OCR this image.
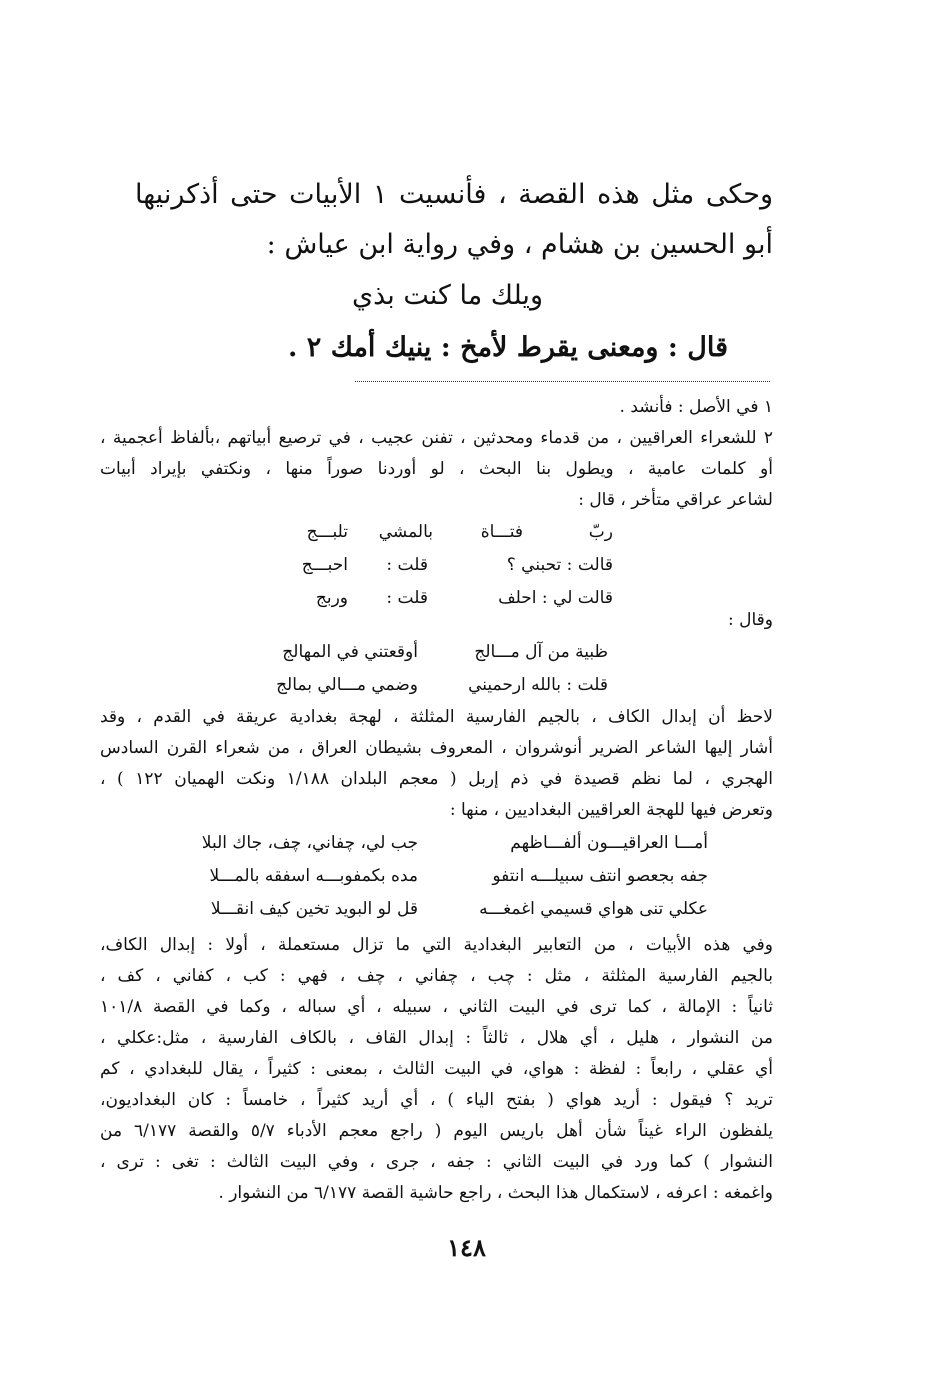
وحكى مثل هذه القصة ، فأنسيت ١ الأبيات حتى أذكرنيها أبو الحسين بن هشام ، وفي رواية ابن عياش :

ويلك ما كنت بذي

قال : ومعنى يقرط لأمخ : ينيك أمك ٢ .

١ في الأصل : فأنشد .

٢ للشعراء العراقيين ، من قدماء ومحدثين ، تفنن عجيب ، في ترصيع أبياتهم ،بألفاظ أعجمية ،

أو كلمات عامية ، ويطول بنا البحث ، لو أوردنا صوراً منها ، ونكتفي بإيراد أبيات

لشاعر عراقي متأخر ، قال :

ربّ
فتـــاة
بالمشي
تلبـــج
قالت : تحبني ؟
قلت :
احبـــج
قالت لي : احلف
قلت :
وربج

وقال :

ظبية من آل مـــالج
أوقعتني في المهالج
قلت : بالله ارحميني
وضمي مـــالي بمالج

لاحظ أن إبدال الكاف ، بالجيم الفارسية المثلثة ، لهجة بغدادية عريقة في القدم ، وقد

أشار إليها الشاعر الضرير أنوشروان ، المعروف بشيطان العراق ، من شعراء القرن السادس

الهجري ، لما نظم قصيدة في ذم إربل ( معجم البلدان ١/١٨٨ ونكت الهميان ١٢٢ ) ،

وتعرض فيها للهجة العراقيين البغداديين ، منها :

أمـــا العراقيـــون ألفـــاظهم
جب لي، چفاني، چف، جاك البلا
جفه بجعصو انتف سبيلـــه انتفو
مده بكمفوبـــه اسفقه بالمـــلا
عكلي تنى هواي قسيمي اغمغـــه
قل لو البويد تخين كيف انقـــلا

وفي هذه الأبيات ، من التعابير البغدادية التي ما تزال مستعملة ، أولا : إبدال الكاف،

بالجيم الفارسية المثلثة ، مثل : چب ، چفاني ، چف ، فهي : كب ، كفاني ، كف ،

ثانياً : الإمالة ، كما ترى في البيت الثاني ، سبيله ، أي سباله ، وكما في القصة ١٠١/٨

من النشوار ، هليل ، أي هلال ، ثالثاً : إبدال القاف ، بالكاف الفارسية ، مثل:عكلي ،

أي عقلي ، رابعاً : لفظة : هواي، في البيت الثالث ، بمعنى : كثيراً ، يقال للبغدادي ، كم

تريد ؟ فيقول : أريد هواي ( بفتح الياء ) ، أي أريد كثيراً ، خامساً : كان البغداديون،

يلفظون الراء غيناً شأن أهل باريس اليوم ( راجع معجم الأدباء ٥/٧ والقصة ٦/١٧٧ من

النشوار ) كما ورد في البيت الثاني : جفه ، جرى ، وفي البيت الثالث : تغى : ترى ،

واغمغه : اعرفه ، لاستكمال هذا البحث ، راجع حاشية القصة ٦/١٧٧ من النشوار .

١٤٨
